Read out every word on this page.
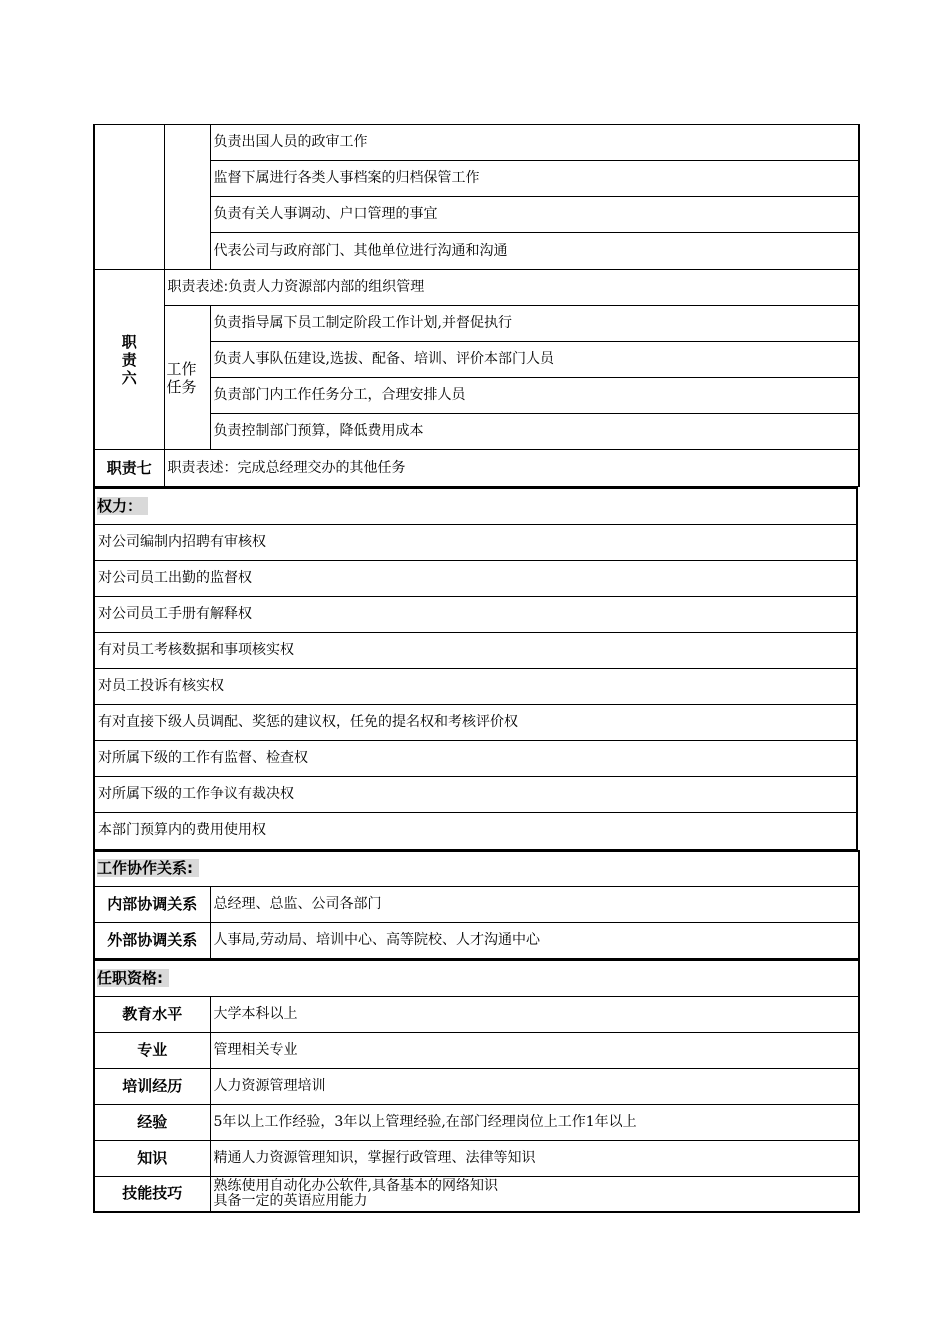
		负责出国人员的政审工作
		监督下属进行各类人事档案的归档保管工作
		负责有关人事调动、户口管理的事宜
		代表公司与政府部门、其他单位进行沟通和沟通

职责六	职责表述:负责人力资源部内部的组织管理	

	工作任务	负责指导属下员工制定阶段工作计划,并督促执行
		负责人事队伍建设,选拔、配备、培训、评价本部门人员
		负责部门内工作任务分工，合理安排人员
		负责控制部门预算，降低费用成本
职责七	职责表述：完成总经理交办的其他任务	
权力：
对公司编制内招聘有审核权
对公司员工出勤的监督权
对公司员工手册有解释权
有对员工考核数据和事项核实权
对员工投诉有核实权
有对直接下级人员调配、奖惩的建议权，任免的提名权和考核评价权
对所属下级的工作有监督、检查权
对所属下级的工作争议有裁决权
本部门预算内的费用使用权
工作协作关系:	
内部协调关系	总经理、总监、公司各部门
外部协调关系	人事局,劳动局、培训中心、高等院校、人才沟通中心
任职资格:	
教育水平	大学本科以上
专业	管理相关专业
培训经历	人力资源管理培训
经验	5年以上工作经验，3年以上管理经验,在部门经理岗位上工作1年以上
知识	精通人力资源管理知识，掌握行政管理、法律等知识
技能技巧	熟练使用自动化办公软件,具备基本的网络知识
具备一定的英语应用能力
